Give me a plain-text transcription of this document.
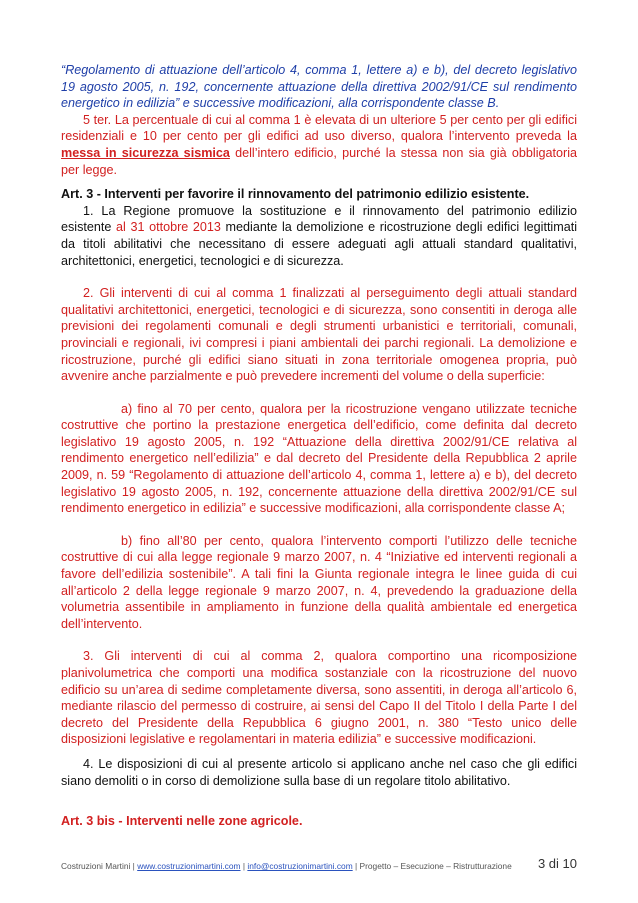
“Regolamento di attuazione dell’articolo 4, comma 1, lettere a) e b), del decreto legislativo 19 agosto 2005, n. 192, concernente attuazione della direttiva 2002/91/CE sul rendimento energetico in edilizia” e successive modificazioni, alla corrispondente classe B.

5 ter. La percentuale di cui al comma 1 è elevata di un ulteriore 5 per cento per gli edifici residenziali e 10 per cento per gli edifici ad uso diverso, qualora l’intervento preveda la messa in sicurezza sismica dell’intero edificio, purché la stessa non sia già obbligatoria per legge.

Art. 3 - Interventi per favorire il rinnovamento del patrimonio edilizio esistente.

1. La Regione promuove la sostituzione e il rinnovamento del patrimonio edilizio esistente al 31 ottobre 2013 mediante la demolizione e ricostruzione degli edifici legittimati da titoli abilitativi che necessitano di essere adeguati agli attuali standard qualitativi, architettonici, energetici, tecnologici e di sicurezza.

2. Gli interventi di cui al comma 1 finalizzati al perseguimento degli attuali standard qualitativi architettonici, energetici, tecnologici e di sicurezza, sono consentiti in deroga alle previsioni dei regolamenti comunali e degli strumenti urbanistici e territoriali, comunali, provinciali e regionali, ivi compresi i piani ambientali dei parchi regionali. La demolizione e ricostruzione, purché gli edifici siano situati in zona territoriale omogenea propria, può avvenire anche parzialmente e può prevedere incrementi del volume o della superficie:

a) fino al 70 per cento, qualora per la ricostruzione vengano utilizzate tecniche costruttive che portino la prestazione energetica dell’edificio, come definita dal decreto legislativo 19 agosto 2005, n. 192 “Attuazione della direttiva 2002/91/CE relativa al rendimento energetico nell’edilizia” e dal decreto del Presidente della Repubblica 2 aprile 2009, n. 59 “Regolamento di attuazione dell’articolo 4, comma 1, lettere a) e b), del decreto legislativo 19 agosto 2005, n. 192, concernente attuazione della direttiva 2002/91/CE sul rendimento energetico in edilizia” e successive modificazioni, alla corrispondente classe A;

b) fino all’80 per cento, qualora l’intervento comporti l’utilizzo delle tecniche costruttive di cui alla legge regionale 9 marzo 2007, n. 4 “Iniziative ed interventi regionali a favore dell’edilizia sostenibile”. A tali fini la Giunta regionale integra le linee guida di cui all’articolo 2 della legge regionale 9 marzo 2007, n. 4, prevedendo la graduazione della volumetria assentibile in ampliamento in funzione della qualità ambientale ed energetica dell’intervento.

3. Gli interventi di cui al comma 2, qualora comportino una ricomposizione planivolumetrica che comporti una modifica sostanziale con la ricostruzione del nuovo edificio su un’area di sedime completamente diversa, sono assentiti, in deroga all’articolo 6, mediante rilascio del permesso di costruire, ai sensi del Capo II del Titolo I della Parte I del decreto del Presidente della Repubblica 6 giugno 2001, n. 380 “Testo unico delle disposizioni legislative e regolamentari in materia edilizia” e successive modificazioni.

4. Le disposizioni di cui al presente articolo si applicano anche nel caso che gli edifici siano demoliti o in corso di demolizione sulla base di un regolare titolo abilitativo.

Art. 3 bis - Interventi nelle zone agricole.

Costruzioni Martini | www.costruzionimartini.com | info@costruzionimartini.com | Progetto – Esecuzione – Ristrutturazione 3 di 10
